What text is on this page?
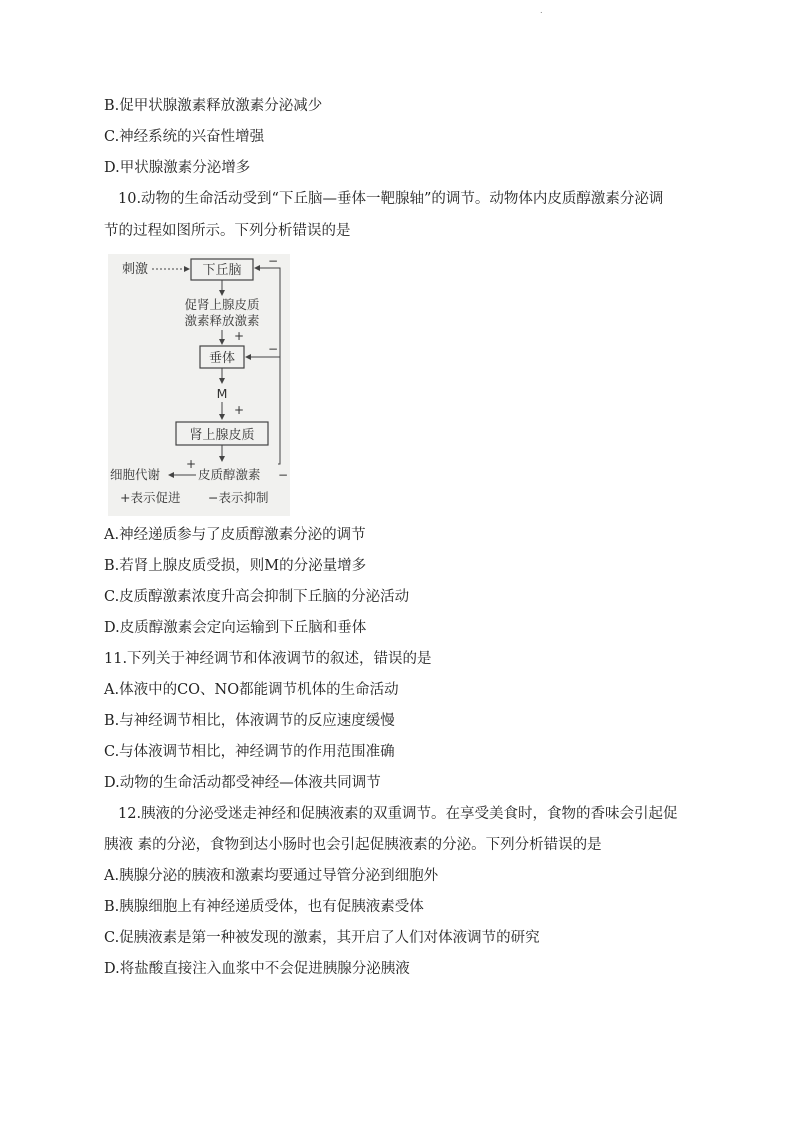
.
B.促甲状腺激素释放激素分泌减少
C.神经系统的兴奋性增强
D.甲状腺激素分泌增多
10.动物的生命活动受到“下丘脑—垂体一靶腺轴”的调节。动物体内皮质醇激素分泌调
节的过程如图所示。下列分析错误的是
刺激	下丘脑
促肾上腺皮质
激素释放激素
+
垂体
M
+
肾上腺皮质
细胞代谢
+
皮质醇激素 −
−
−
+表示促进 −表示抑制
A.神经递质参与了皮质醇激素分泌的调节
B.若肾上腺皮质受损，则M的分泌量增多
C.皮质醇激素浓度升高会抑制下丘脑的分泌活动
D.皮质醇激素会定向运输到下丘脑和垂体
11.下列关于神经调节和体液调节的叙述，错误的是
A.体液中的CO、NO都能调节机体的生命活动
B.与神经调节相比，体液调节的反应速度缓慢
C.与体液调节相比，神经调节的作用范围准确
D.动物的生命活动都受神经—体液共同调节
12.胰液的分泌受迷走神经和促胰液素的双重调节。在享受美食时，食物的香味会引起促
胰液 素的分泌，食物到达小肠时也会引起促胰液素的分泌。下列分析错误的是
A.胰腺分泌的胰液和激素均要通过导管分泌到细胞外
B.胰腺细胞上有神经递质受体，也有促胰液素受体
C.促胰液素是第一种被发现的激素，其开启了人们对体液调节的研究
D.将盐酸直接注入血浆中不会促进胰腺分泌胰液
